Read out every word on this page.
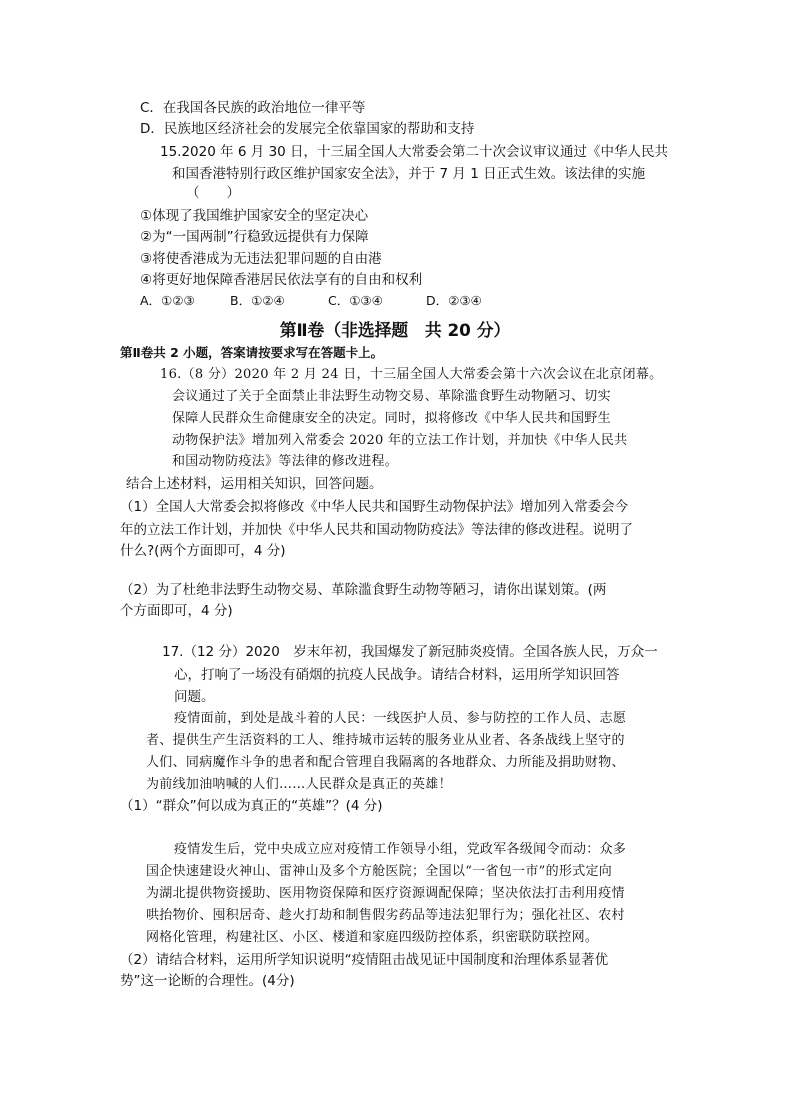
C．在我国各民族的政治地位一律平等
D．民族地区经济社会的发展完全依靠国家的帮助和支持
15.2020 年 6 月 30 日，十三届全国人大常委会第二十次会议审议通过《中华人民共
和国香港特别行政区维护国家安全法》，并于 7 月 1 日正式生效。该法律的实施
（　　）
①体现了我国维护国家安全的坚定决心
②为“一国两制”行稳致远提供有力保障
③将使香港成为无违法犯罪问题的自由港
④将更好地保障香港居民依法享有的自由和权利
A．①②③	B．①②④	C．①③④	D．②③④
第Ⅱ卷（非选择题　共 20 分）
第Ⅱ卷共 2 小题，答案请按要求写在答题卡上。
16.（8 分）2020 年 2 月 24 日，十三届全国人大常委会第十六次会议在北京闭幕。
会议通过了关于全面禁止非法野生动物交易、革除滥食野生动物陋习、切实
保障人民群众生命健康安全的决定。同时，拟将修改《中华人民共和国野生
动物保护法》增加列入常委会 2020 年的立法工作计划，并加快《中华人民共
和国动物防疫法》等法律的修改进程。
结合上述材料，运用相关知识，回答问题。
（1）全国人大常委会拟将修改《中华人民共和国野生动物保护法》增加列入常委会今
年的立法工作计划，并加快《中华人民共和国动物防疫法》等法律的修改进程。说明了
什么?(两个方面即可，4 分)
（2）为了杜绝非法野生动物交易、革除滥食野生动物等陋习，请你出谋划策。(两
个方面即可，4 分)
17.（12 分）2020　岁末年初，我国爆发了新冠肺炎疫情。全国各族人民，万众一
心，打响了一场没有硝烟的抗疫人民战争。请结合材料，运用所学知识回答
问题。
疫情面前，到处是战斗着的人民：一线医护人员、参与防控的工作人员、志愿
者、提供生产生活资料的工人、维持城市运转的服务业从业者、各条战线上坚守的
人们、同病魔作斗争的患者和配合管理自我隔离的各地群众、力所能及捐助财物、
为前线加油呐喊的人们……人民群众是真正的英雄！
（1）“群众”何以成为真正的“英雄”？(4 分)
疫情发生后，党中央成立应对疫情工作领导小组，党政军各级闻令而动：众多
国企快速建设火神山、雷神山及多个方舱医院；全国以“一省包一市”的形式定向
为湖北提供物资援助、医用物资保障和医疗资源调配保障；坚决依法打击利用疫情
哄抬物价、囤积居奇、趁火打劫和制售假劣药品等违法犯罪行为；强化社区、农村
网格化管理，构建社区、小区、楼道和家庭四级防控体系，织密联防联控网。
（2）请结合材料，运用所学知识说明“疫情阻击战见证中国制度和治理体系显著优
势”这一论断的合理性。(4分)
